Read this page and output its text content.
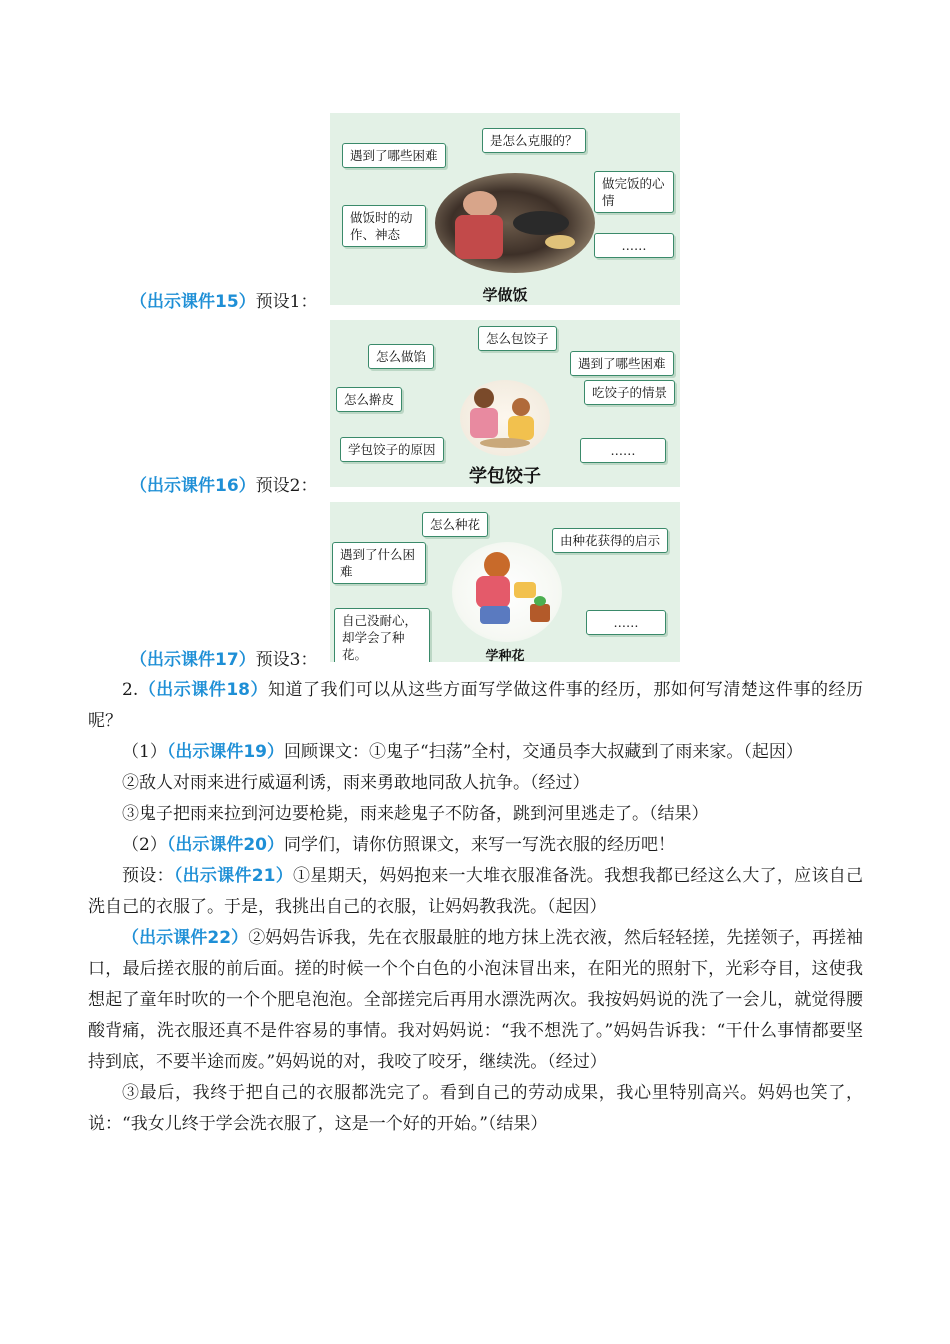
遇到了哪些困难
是怎么克服的？
做完饭的心情
做饭时的动作、神态
……
学做饭
（出示课件15）预设1：
怎么包饺子
怎么做馅	遇到了哪些困难
怎么擀皮	吃饺子的情景
学包饺子的原因	……
学包饺子
（出示课件16）预设2：
怎么种花
遇到了什么困难
由种花获得的启示
自己没耐心，却学会了种花。
……
学种花
（出示课件17）预设3：

2.（出示课件18）知道了我们可以从这些方面写学做这件事的经历，那如何写清楚这件事的经历呢？

（1）（出示课件19）回顾课文：①鬼子“扫荡”全村，交通员李大叔藏到了雨来家。（起因）

②敌人对雨来进行威逼利诱，雨来勇敢地同敌人抗争。（经过）

③鬼子把雨来拉到河边要枪毙，雨来趁鬼子不防备，跳到河里逃走了。（结果）

（2）（出示课件20）同学们，请你仿照课文，来写一写洗衣服的经历吧！

预设：（出示课件21）①星期天，妈妈抱来一大堆衣服准备洗。我想我都已经这么大了，应该自己洗自己的衣服了。于是，我挑出自己的衣服，让妈妈教我洗。（起因）

（出示课件22）②妈妈告诉我，先在衣服最脏的地方抹上洗衣液，然后轻轻搓，先搓领子，再搓袖口，最后搓衣服的前后面。搓的时候一个个白色的小泡沫冒出来，在阳光的照射下，光彩夺目，这使我想起了童年时吹的一个个肥皂泡泡。全部搓完后再用水漂洗两次。我按妈妈说的洗了一会儿，就觉得腰酸背痛，洗衣服还真不是件容易的事情。我对妈妈说：“我不想洗了。”妈妈告诉我：“干什么事情都要坚持到底，不要半途而废。”妈妈说的对，我咬了咬牙，继续洗。（经过）

③最后，我终于把自己的衣服都洗完了。看到自己的劳动成果，我心里特别高兴。妈妈也笑了，说：“我女儿终于学会洗衣服了，这是一个好的开始。”（结果）
